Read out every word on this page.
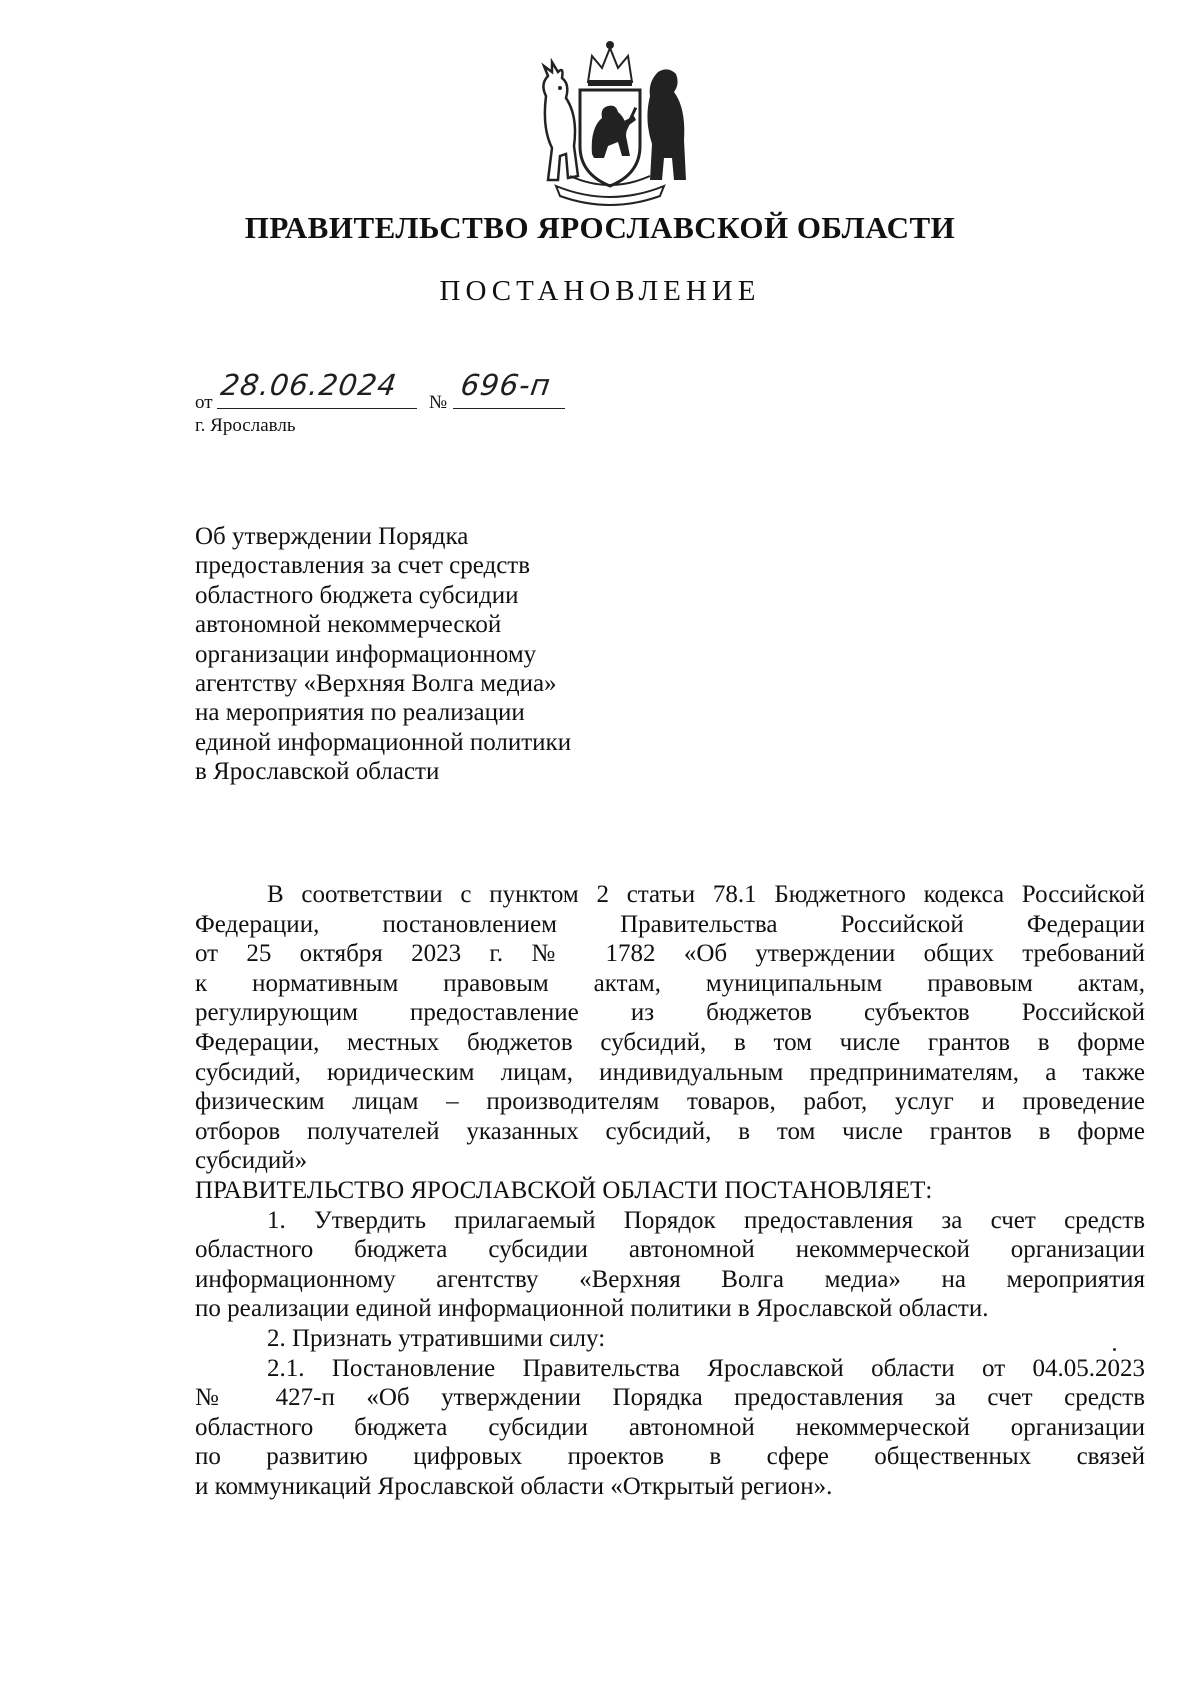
ПРАВИТЕЛЬСТВО ЯРОСЛАВСКОЙ ОБЛАСТИ
ПОСТАНОВЛЕНИЕ
от
28.06.2024
№
696-п
г. Ярославль
Об утверждении Порядка
предоставления за счет средств
областного бюджета субсидии
автономной некоммерческой
организации информационному
агентству «Верхняя Волга медиа»
на мероприятия по реализации
единой информационной политики
в Ярославской области
В соответствии с пунктом 2 статьи 78.1 Бюджетного кодекса Российской
Федерации, постановлением Правительства Российской Федерации
от 25 октября 2023 г. № 1782 «Об утверждении общих требований
к нормативным правовым актам, муниципальным правовым актам,
регулирующим предоставление из бюджетов субъектов Российской
Федерации, местных бюджетов субсидий, в том числе грантов в форме
субсидий, юридическим лицам, индивидуальным предпринимателям, а также
физическим лицам – производителям товаров, работ, услуг и проведение
отборов получателей указанных субсидий, в том числе грантов в форме
субсидий»
ПРАВИТЕЛЬСТВО ЯРОСЛАВСКОЙ ОБЛАСТИ ПОСТАНОВЛЯЕТ:
1. Утвердить прилагаемый Порядок предоставления за счет средств
областного бюджета субсидии автономной некоммерческой организации
информационному агентству «Верхняя Волга медиа» на мероприятия
по реализации единой информационной политики в Ярославской области.
2. Признать утратившими силу:
2.1. Постановление Правительства Ярославской области от 04.05.2023
№ 427-п «Об утверждении Порядка предоставления за счет средств
областного бюджета субсидии автономной некоммерческой организации
по развитию цифровых проектов в сфере общественных связей
и коммуникаций Ярославской области «Открытый регион».
